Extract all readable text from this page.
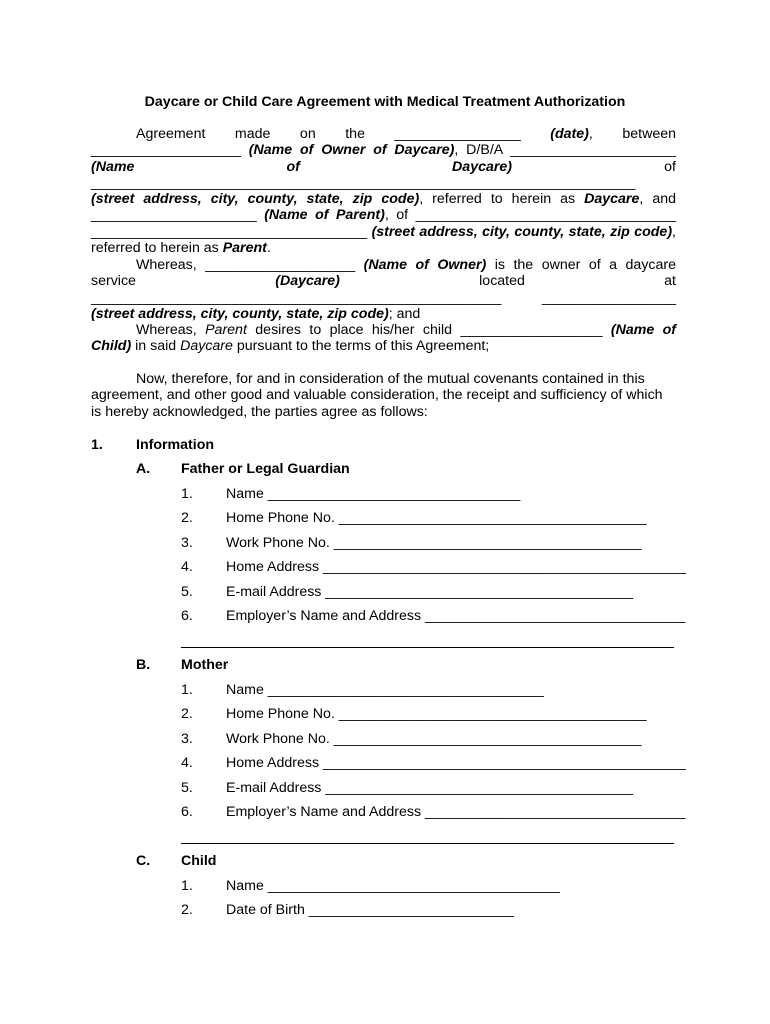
Daycare or Child Care Agreement with Medical Treatment Authorization
Agreement made on the ________________ (date), between ___________________ (Name of Owner of Daycare), D/B/A _____________________ (Name of Daycare) of _____________________________________________________________________ (street address, city, county, state, zip code), referred to herein as Daycare, and _____________________ (Name of Parent), of _________________________________ ___________________________________ (street address, city, county, state, zip code), referred to herein as Parent.
Whereas, ___________________ (Name of Owner) is the owner of a daycare service (Daycare) located at ____________________________________________________ _________________ (street address, city, county, state, zip code); and
Whereas, Parent desires to place his/her child __________________ (Name of Child) in said Daycare pursuant to the terms of this Agreement;
Now, therefore, for and in consideration of the mutual covenants contained in this agreement, and other good and valuable consideration, the receipt and sufficiency of which is hereby acknowledged, the parties agree as follows:
1. Information
A. Father or Legal Guardian
1. Name ________________________________
2. Home Phone No. _______________________________________
3. Work Phone No. _______________________________________
4. Home Address ______________________________________________
5. E-mail Address _______________________________________
6. Employer’s Name and Address _________________________________
B. Mother
1. Name ___________________________________
2. Home Phone No. _______________________________________
3. Work Phone No. _______________________________________
4. Home Address ______________________________________________
5. E-mail Address _______________________________________
6. Employer’s Name and Address _________________________________
C. Child
1. Name _____________________________________
2. Date of Birth __________________________
